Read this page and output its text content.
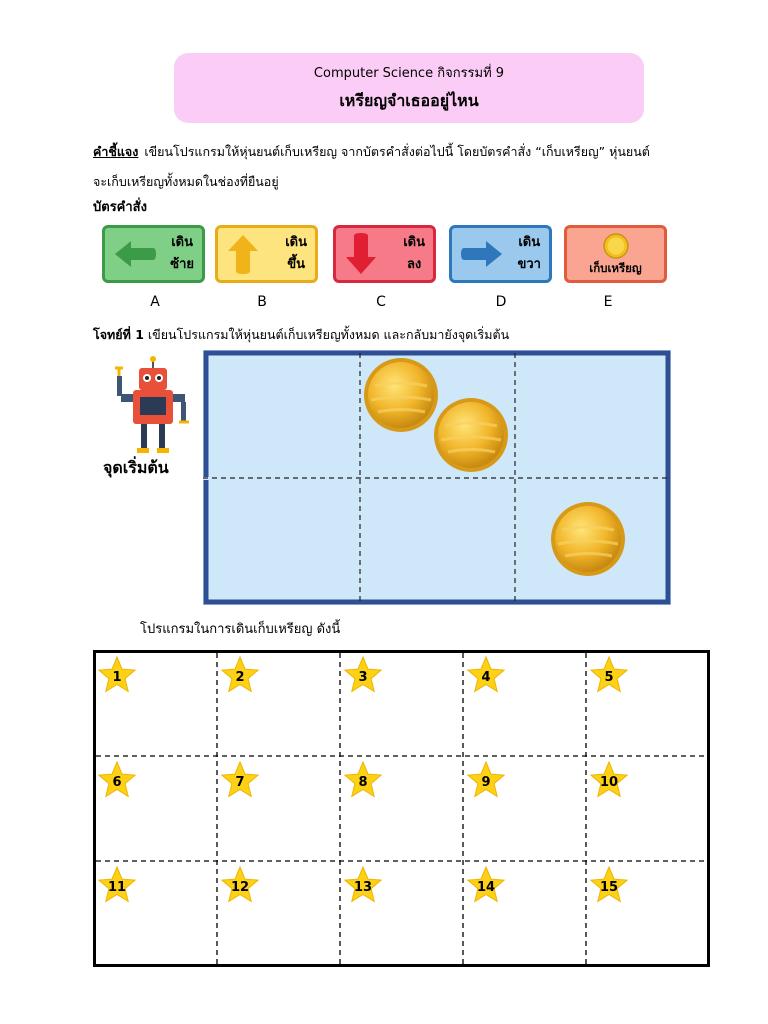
Computer Science กิจกรรมที่ 9
เหรียญจำเธออยู่ไหน
คำชี้แจง เขียนโปรแกรมให้หุ่นยนต์เก็บเหรียญ จากบัตรคำสั่งต่อไปนี้ โดยบัตรคำสั่ง “เก็บเหรียญ” หุ่นยนต์
จะเก็บเหรียญทั้งหมดในช่องที่ยืนอยู่
บัตรคำสั่ง
เดิน
ซ้าย
เดิน
ขึ้น
เดิน
ลง
เดิน
ขวา	เก็บเหรียญ
A	B	C	D	E
โจทย์ที่ 1 เขียนโปรแกรมให้หุ่นยนต์เก็บเหรียญทั้งหมด และกลับมายังจุดเริ่มต้น
จุดเริ่มต้น
โปรแกรมในการเดินเก็บเหรียญ ดังนี้
1	2	3	4	5
6	7	8	9	10
11	12	13	14	15
